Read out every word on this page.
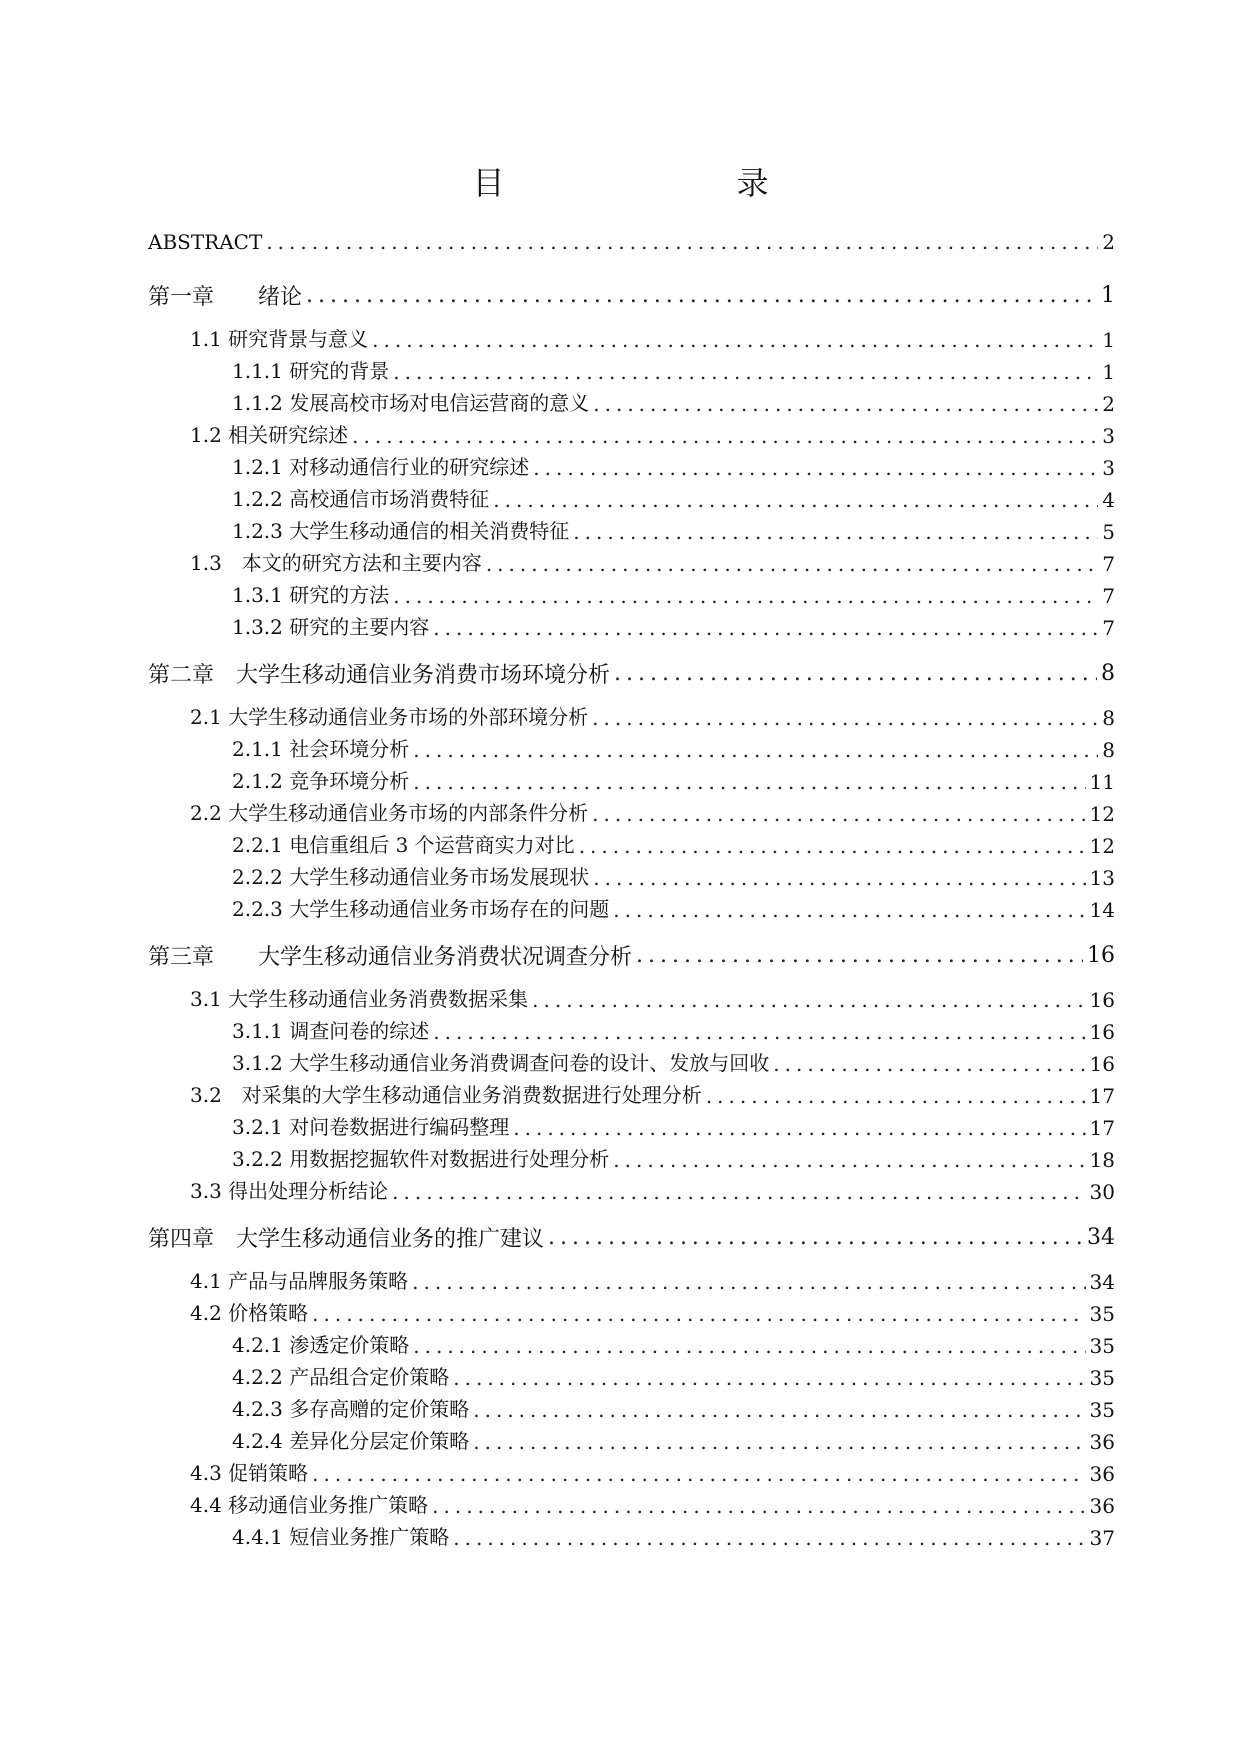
目　　录
ABSTRACT .....	2
第一章　　绪论 .....	1
1.1 研究背景与意义 .....	1
1.1.1 研究的背景 .....	1
1.1.2 发展高校市场对电信运营商的意义 .....	2
1.2 相关研究综述 .....	3
1.2.1 对移动通信行业的研究综述 .....	3
1.2.2 高校通信市场消费特征 .....	4
1.2.3 大学生移动通信的相关消费特征 .....	5
1.3　本文的研究方法和主要内容 .....	7
1.3.1 研究的方法 .....	7
1.3.2 研究的主要内容 .....	7
第二章　大学生移动通信业务消费市场环境分析 .....	8
2.1 大学生移动通信业务市场的外部环境分析 .....	8
2.1.1 社会环境分析 .....	8
2.1.2 竞争环境分析 .....	11
2.2 大学生移动通信业务市场的内部条件分析 .....	12
2.2.1 电信重组后 3 个运营商实力对比 .....	12
2.2.2 大学生移动通信业务市场发展现状 .....	13
2.2.3 大学生移动通信业务市场存在的问题 .....	14
第三章　　大学生移动通信业务消费状况调查分析 .....	16
3.1 大学生移动通信业务消费数据采集 .....	16
3.1.1 调查问卷的综述 .....	16
3.1.2 大学生移动通信业务消费调查问卷的设计、发放与回收 .....	16
3.2　对采集的大学生移动通信业务消费数据进行处理分析 .....	17
3.2.1 对问卷数据进行编码整理 .....	17
3.2.2 用数据挖掘软件对数据进行处理分析 .....	18
3.3 得出处理分析结论 .....	30
第四章　大学生移动通信业务的推广建议 .....	34
4.1 产品与品牌服务策略 .....	34
4.2 价格策略 .....	35
4.2.1 渗透定价策略 .....	35
4.2.2 产品组合定价策略 .....	35
4.2.3 多存高赠的定价策略 .....	35
4.2.4 差异化分层定价策略 .....	36
4.3 促销策略 .....	36
4.4 移动通信业务推广策略 .....	36
4.4.1 短信业务推广策略 .....	37
